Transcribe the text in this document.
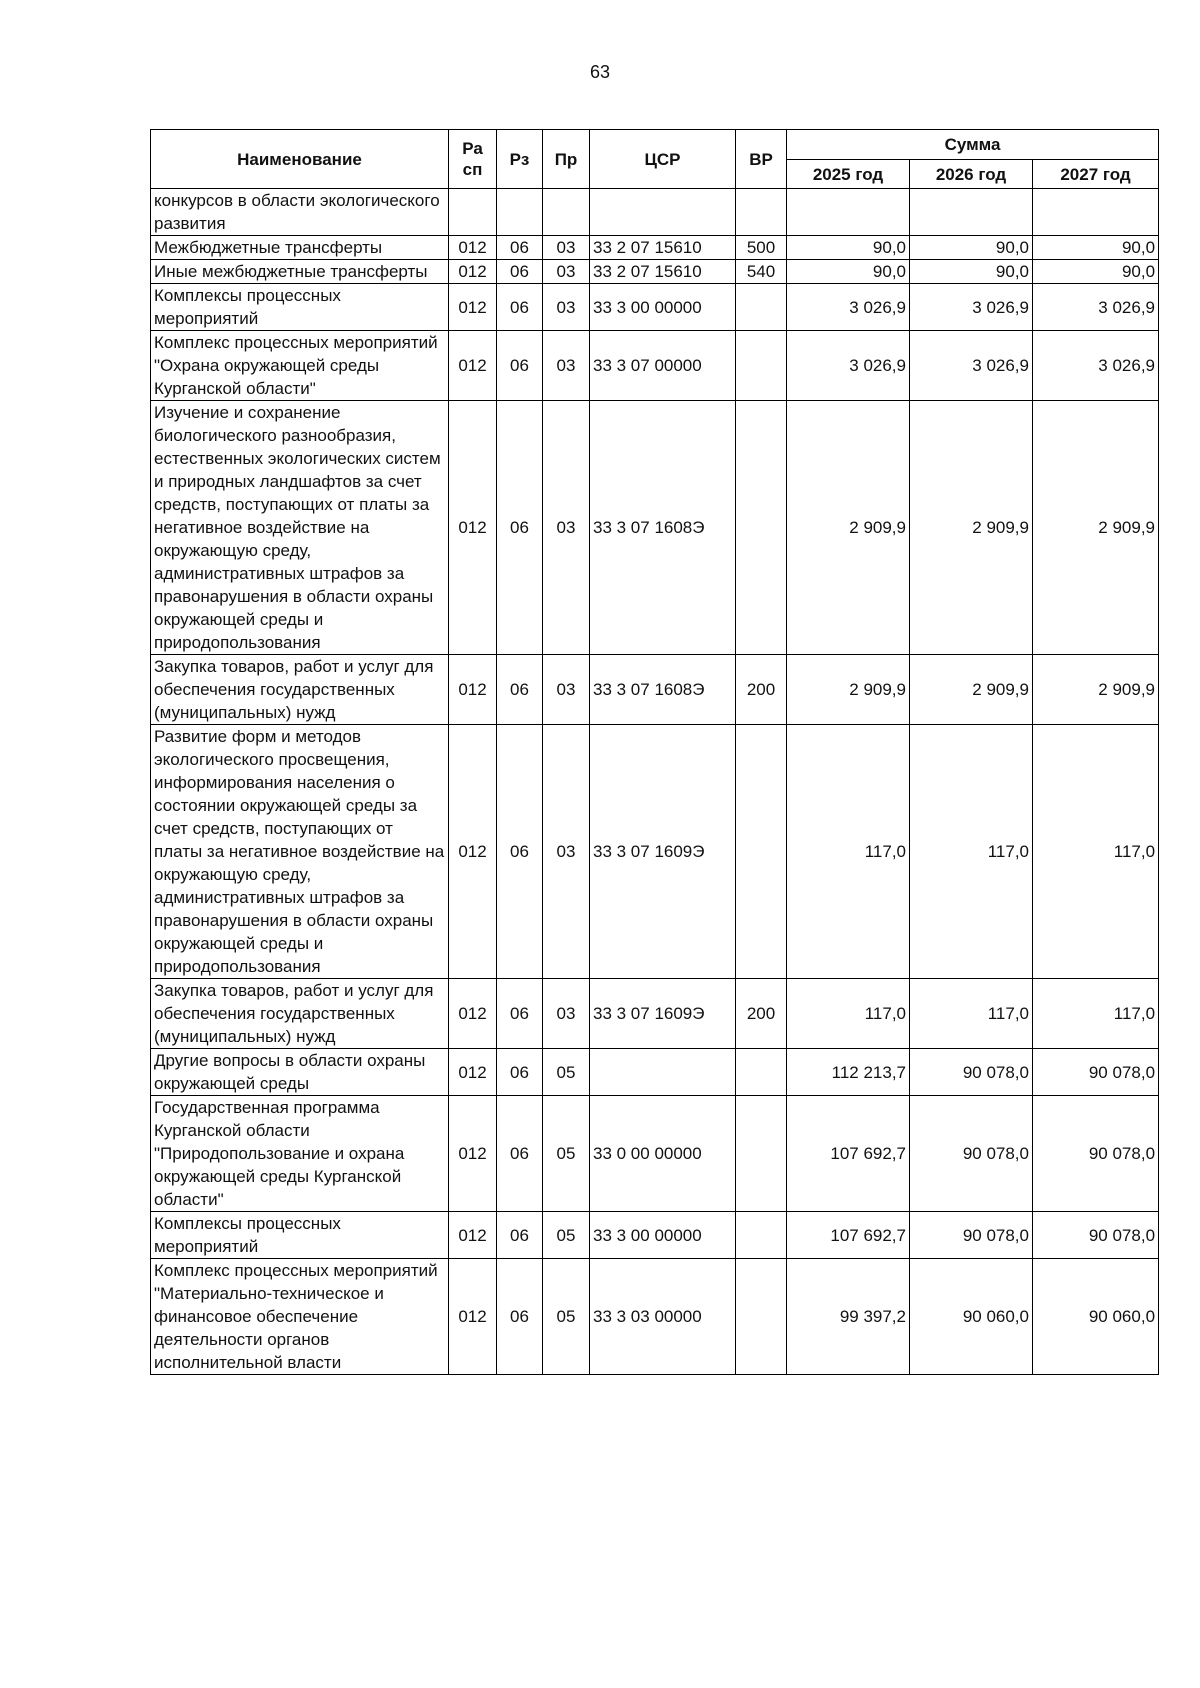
63
Наименование	Ра сп	Рз	Пр	ЦСР	ВР	Сумма		
						2025 год	2026 год	2027 год
конкурсов в области экологического развития								
Межбюджетные трансферты	012	06	03	33 2 07 15610	500	90,0	90,0	90,0
Иные межбюджетные трансферты	012	06	03	33 2 07 15610	540	90,0	90,0	90,0
Комплексы процессных мероприятий	012	06	03	33 3 00 00000		3 026,9	3 026,9	3 026,9
Комплекс процессных мероприятий "Охрана окружающей среды Курганской области"	012	06	03	33 3 07 00000		3 026,9	3 026,9	3 026,9
Изучение и сохранение биологического разнообразия, естественных экологических систем и природных ландшафтов за счет средств, поступающих от платы за негативное воздействие на окружающую среду, административных штрафов за правонарушения в области охраны окружающей среды и природопользования	012	06	03	33 3 07 1608Э		2 909,9	2 909,9	2 909,9
Закупка товаров, работ и услуг для обеспечения государственных (муниципальных) нужд	012	06	03	33 3 07 1608Э	200	2 909,9	2 909,9	2 909,9
Развитие форм и методов экологического просвещения, информирования населения о состоянии окружающей среды за счет средств, поступающих от платы за негативное воздействие на окружающую среду, административных штрафов за правонарушения в области охраны окружающей среды и природопользования	012	06	03	33 3 07 1609Э		117,0	117,0	117,0
Закупка товаров, работ и услуг для обеспечения государственных (муниципальных) нужд	012	06	03	33 3 07 1609Э	200	117,0	117,0	117,0
Другие вопросы в области охраны окружающей среды	012	06	05			112 213,7	90 078,0	90 078,0
Государственная программа Курганской области "Природопользование и охрана окружающей среды Курганской области"	012	06	05	33 0 00 00000		107 692,7	90 078,0	90 078,0
Комплексы процессных мероприятий	012	06	05	33 3 00 00000		107 692,7	90 078,0	90 078,0
Комплекс процессных мероприятий "Материально-техническое и финансовое обеспечение деятельности органов исполнительной власти	012	06	05	33 3 03 00000		99 397,2	90 060,0	90 060,0
